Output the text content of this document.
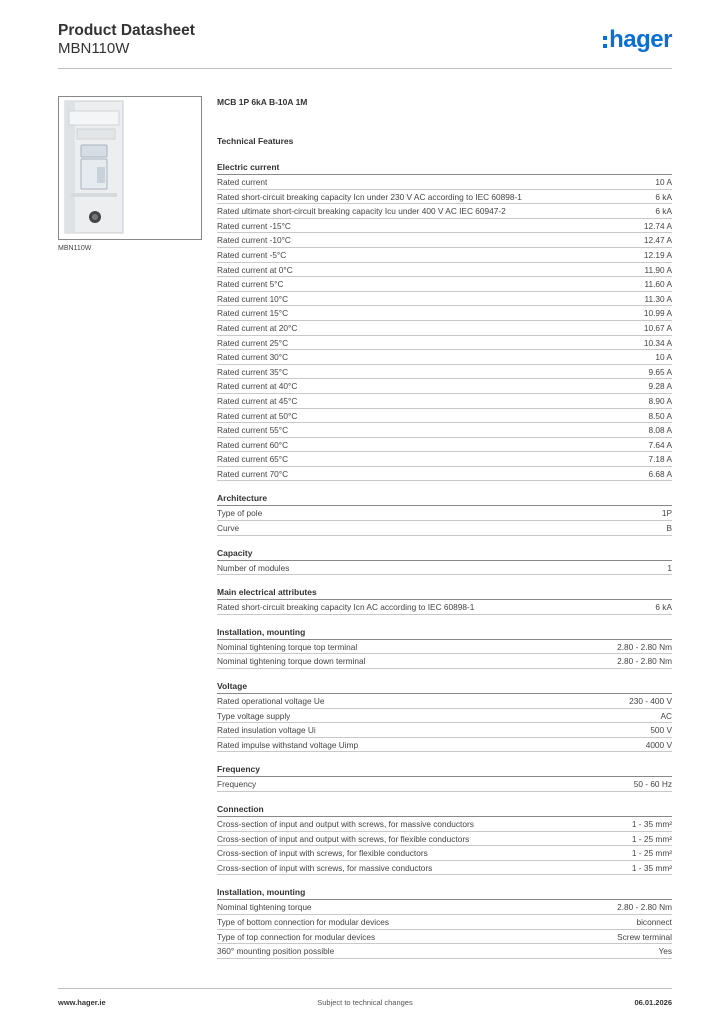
Product Datasheet
MBN110W	hager
MBN110W
MCB 1P 6kA B-10A 1M
Technical Features
Electric current
Rated current	10 A
Rated short-circuit breaking capacity Icn under 230 V AC according to IEC 60898-1	6 kA
Rated ultimate short-circuit breaking capacity Icu under 400 V AC IEC 60947-2	6 kA
Rated current -15°C	12.74 A
Rated current -10°C	12.47 A
Rated current -5°C	12.19 A
Rated current at 0°C	11.90 A
Rated current 5°C	11.60 A
Rated current 10°C	11.30 A
Rated current 15°C	10.99 A
Rated current at 20°C	10.67 A
Rated current 25°C	10.34 A
Rated current 30°C	10 A
Rated current 35°C	9.65 A
Rated current at 40°C	9.28 A
Rated current at 45°C	8.90 A
Rated current at 50°C	8.50 A
Rated current 55°C	8.08 A
Rated current 60°C	7.64 A
Rated current 65°C	7.18 A
Rated current 70°C	6.68 A
Architecture
Type of pole	1P
Curve	B
Capacity
Number of modules	1
Main electrical attributes
Rated short-circuit breaking capacity Icn AC according to IEC 60898-1	6 kA
Installation, mounting
Nominal tightening torque top terminal	2.80 - 2.80 Nm
Nominal tightening torque down terminal	2.80 - 2.80 Nm
Voltage
Rated operational voltage Ue	230 - 400 V
Type voltage supply	AC
Rated insulation voltage Ui	500 V
Rated impulse withstand voltage Uimp	4000 V
Frequency
Frequency	50 - 60 Hz
Connection
Cross-section of input and output with screws, for massive conductors	1 - 35 mm²
Cross-section of input and output with screws, for flexible conductors	1 - 25 mm²
Cross-section of input with screws, for flexible conductors	1 - 25 mm²
Cross-section of input with screws, for massive conductors	1 - 35 mm²
Installation, mounting
Nominal tightening torque	2.80 - 2.80 Nm
Type of bottom connection for modular devices	biconnect
Type of top connection for modular devices	Screw terminal
360° mounting position possible	Yes
www.hager.ie	Subject to technical changes	06.01.2026
